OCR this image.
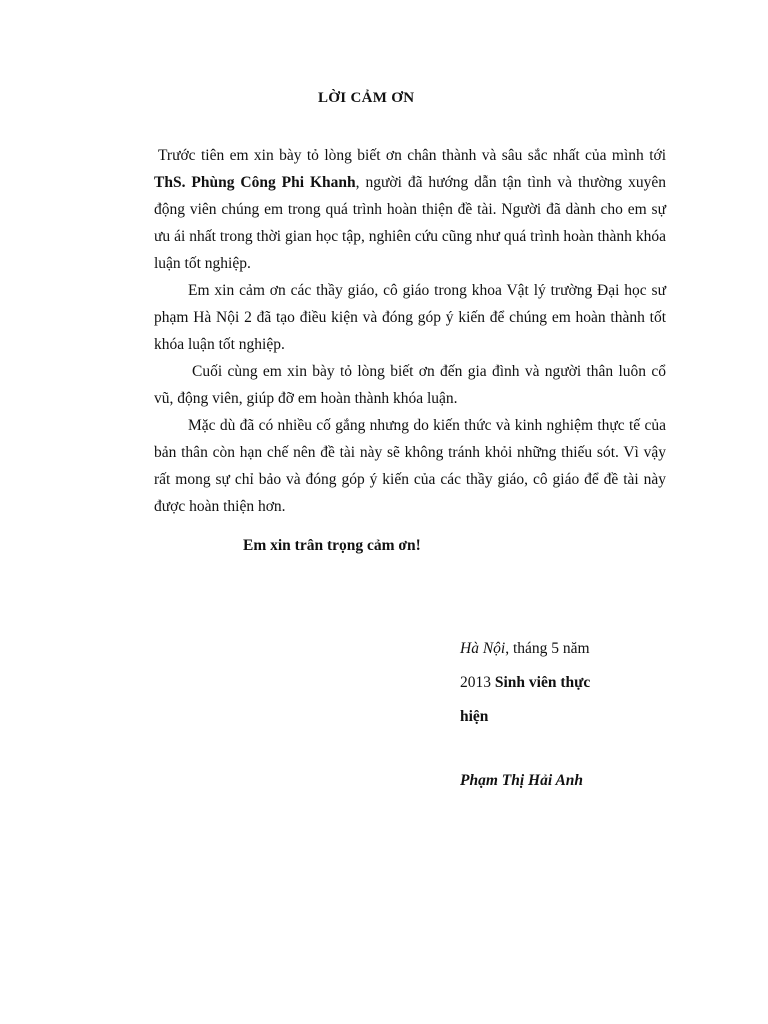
LỜI CẢM ƠN

Trước tiên em xin bày tỏ lòng biết ơn chân thành và sâu sắc nhất của mình tới ThS. Phùng Công Phi Khanh, người đã hướng dẫn tận tình và thường xuyên động viên chúng em trong quá trình hoàn thiện đề tài. Người đã dành cho em sự ưu ái nhất trong thời gian học tập, nghiên cứu cũng như quá trình hoàn thành khóa luận tốt nghiệp.

Em xin cảm ơn các thầy giáo, cô giáo trong khoa Vật lý trường Đại học sư phạm Hà Nội 2 đã tạo điều kiện và đóng góp ý kiến để chúng em hoàn thành tốt khóa luận tốt nghiệp.

Cuối cùng em xin bày tỏ lòng biết ơn đến gia đình và người thân luôn cổ vũ, động viên, giúp đỡ em hoàn thành khóa luận.

Mặc dù đã có nhiều cố gắng nhưng do kiến thức và kinh nghiệm thực tế của bản thân còn hạn chế nên đề tài này sẽ không tránh khỏi những thiếu sót. Vì vậy rất mong sự chỉ bảo và đóng góp ý kiến của các thầy giáo, cô giáo để đề tài này được hoàn thiện hơn.

Em xin trân trọng cảm ơn!
Hà Nội, tháng 5 năm
2013 Sinh viên thực
hiện
Phạm Thị Hải Anh
